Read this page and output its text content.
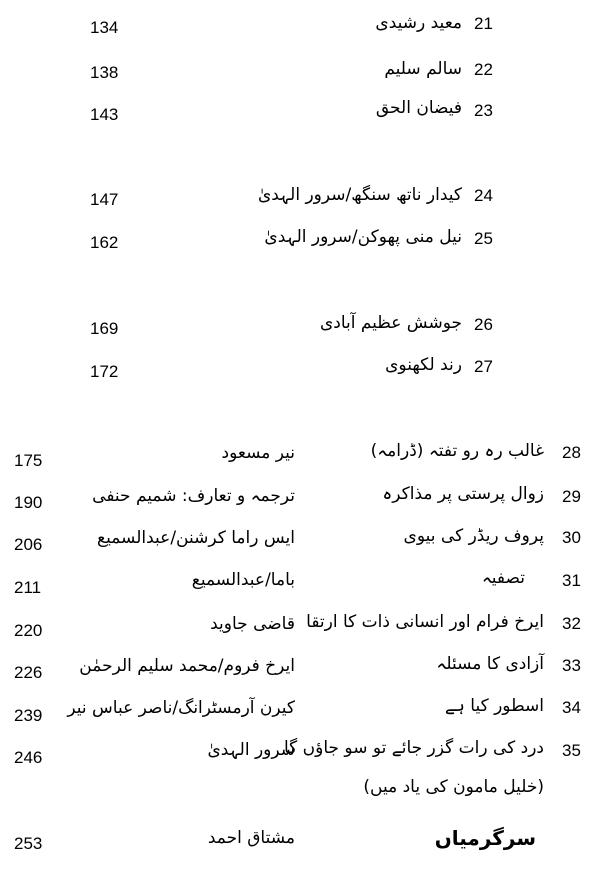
21
معید رشیدی
134
22
سالم سلیم
138
23
فیضان الحق
143
24
کیدار ناتھ سنگھ/سرور الہدیٰ
147
25
نیل منی پھوکن/سرور الہدیٰ
162
26
جوشش عظیم آبادی
169
27
رند لکھنوی
172
28
غالب رہ رو تفتہ (ڈرامہ)
نیر مسعود
175
29
زوال پرستی پر مذاکرہ
ترجمہ و تعارف: شمیم حنفی
190
30
پروف ریڈر کی بیوی
ایس راما کرشنن/عبدالسمیع
206
31
تصفیہ
باما/عبدالسمیع
211
32
ایرخ فرام اور انسانی ذات کا ارتقا
قاضی جاوید
220
33
آزادی کا مسئلہ
ایرخ فروم/محمد سلیم الرحمٰن
226
34
اسطور کیا ہے
کیرن آرمسٹرانگ/ناصر عباس نیر
239
35
درد کی رات گزر جائے تو سو جاؤں گا
سرور الہدیٰ
246
(خلیل مامون کی یاد میں)
سرگرمیاں
مشتاق احمد
253
